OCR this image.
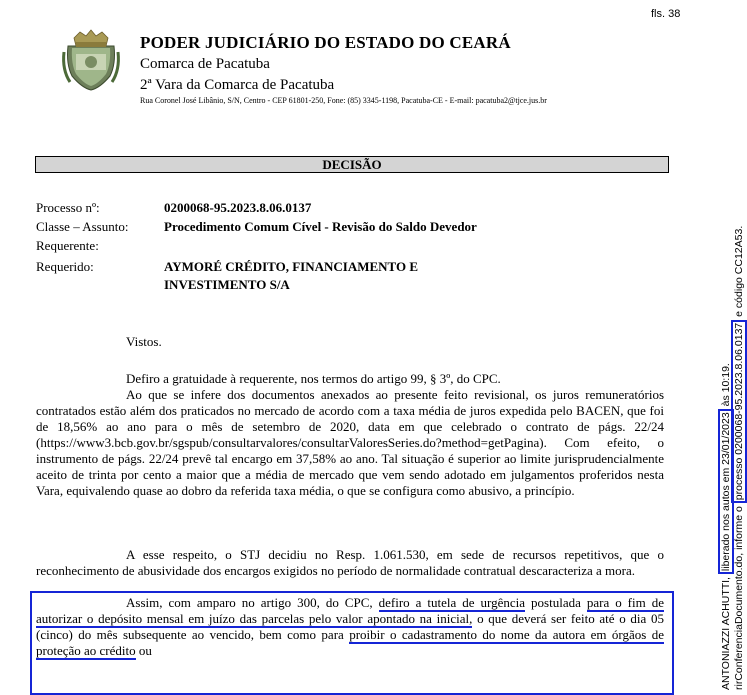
fls. 38
PODER JUDICIÁRIO DO ESTADO DO CEARÁ
Comarca de Pacatuba
2ª Vara da Comarca de Pacatuba
Rua Coronel José Libânio, S/N, Centro - CEP 61801-250, Fone: (85) 3345-1198, Pacatuba-CE - E-mail: pacatuba2@tjce.jus.br
DECISÃO
Processo nº:	0200068-95.2023.8.06.0137
Classe – Assunto:	Procedimento Comum Cível - Revisão do Saldo Devedor
Requerente:
Requerido:	AYMORÉ CRÉDITO, FINANCIAMENTO E
INVESTIMENTO S/A
Vistos.
Defiro a gratuidade à requerente, nos termos do artigo 99, § 3º, do CPC.
Ao que se infere dos documentos anexados ao presente feito revisional, os juros remuneratórios contratados estão além dos praticados no mercado de acordo com a taxa média de juros expedida pelo BACEN, que foi de 18,56% ao ano para o mês de setembro de 2020, data em que celebrado o contrato de págs. 22/24 (https://www3.bcb.gov.br/sgspub/consultarvalores/consultarValoresSeries.do?method=getPagina). Com efeito, o instrumento de págs. 22/24 prevê tal encargo em 37,58% ao ano. Tal situação é superior ao limite jurisprudencialmente aceito de trinta por cento a maior que a média de mercado que vem sendo adotado em julgamentos proferidos nesta Vara, equivalendo quase ao dobro da referida taxa média, o que se configura como abusivo, a princípio.
A esse respeito, o STJ decidiu no Resp. 1.061.530, em sede de recursos repetitivos, que o reconhecimento de abusividade dos encargos exigidos no período de normalidade contratual descaracteriza a mora.
Assim, com amparo no artigo 300, do CPC, defiro a tutela de urgência postulada para o fim de autorizar o depósito mensal em juízo das parcelas pelo valor apontado na inicial, o que deverá ser feito até o dia 05 (cinco) do mês subsequente ao vencido, bem como para proibir o cadastramento do nome da autora em órgãos de proteção ao crédito ou	ANTONIAZZI ACHUTTI, liberado nos autos em 23/01/2023 às 10:19.
rirConferenciaDocumento.do, informe o processo 0200068-95.2023.8.06.0137 e código CC12A53.
